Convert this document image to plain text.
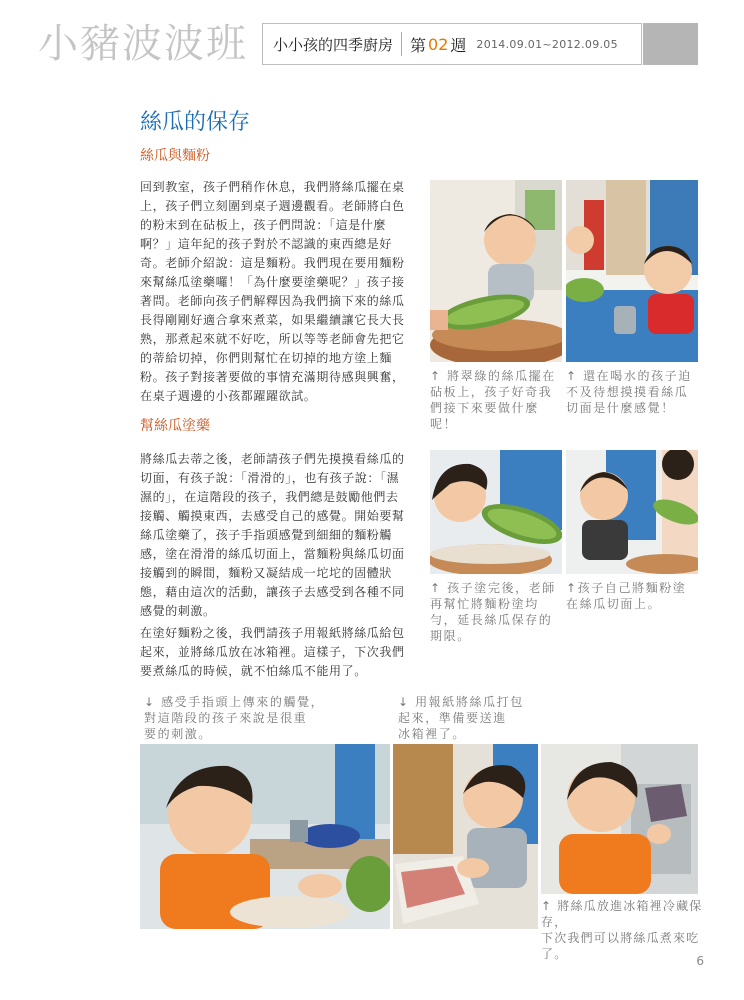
小豬波波班 小小孩的四季廚房 第 02 週 2014.09.01~2012.09.05
絲瓜的保存
絲瓜與麵粉
回到教室，孩子們稍作休息，我們將絲瓜擺在桌上，孩子們立刻圍到桌子週邊觀看。老師將白色的粉末到在砧板上，孩子們問說：「這是什麼啊？」這年紀的孩子對於不認識的東西總是好奇。老師介紹說：這是麵粉。我們現在要用麵粉來幫絲瓜塗藥囉！「為什麼要塗藥呢？」孩子接著問。老師向孩子們解釋因為我們摘下來的絲瓜長得剛剛好適合拿來煮菜，如果繼續讓它長大長熟，那煮起來就不好吃，所以等等老師會先把它的蒂給切掉，你們則幫忙在切掉的地方塗上麵粉。孩子對接著要做的事情充滿期待感與興奮，在桌子週邊的小孩都躍躍欲試。
↑ 將翠綠的絲瓜擺在砧板上，孩子好奇我們接下來要做什麼呢！
↑ 還在喝水的孩子迫不及待想摸摸看絲瓜切面是什麼感覺！
幫絲瓜塗藥
將絲瓜去蒂之後，老師請孩子們先摸摸看絲瓜的切面，有孩子說：「滑滑的」，也有孩子說：「濕濕的」，在這階段的孩子，我們總是鼓勵他們去接觸、觸摸東西，去感受自己的感覺。開始要幫絲瓜塗藥了，孩子手指頭感覺到細細的麵粉觸感，塗在滑滑的絲瓜切面上，當麵粉與絲瓜切面接觸到的瞬間，麵粉又凝結成一坨坨的固體狀態，藉由這次的活動，讓孩子去感受到各種不同感覺的刺激。
在塗好麵粉之後，我們請孩子用報紙將絲瓜給包起來，並將絲瓜放在冰箱裡。這樣子，下次我們要煮絲瓜的時候，就不怕絲瓜不能用了。
↑ 孩子塗完後，老師再幫忙將麵粉塗均勻，延長絲瓜保存的期限。
↑孩子自己將麵粉塗在絲瓜切面上。
↓ 感受手指頭上傳來的觸覺，
對這階段的孩子來說是很重
要的刺激。
↓ 用報紙將絲瓜打包
起來，準備要送進
冰箱裡了。
↑ 將絲瓜放進冰箱裡冷藏保存，
下次我們可以將絲瓜煮來吃了。	6
